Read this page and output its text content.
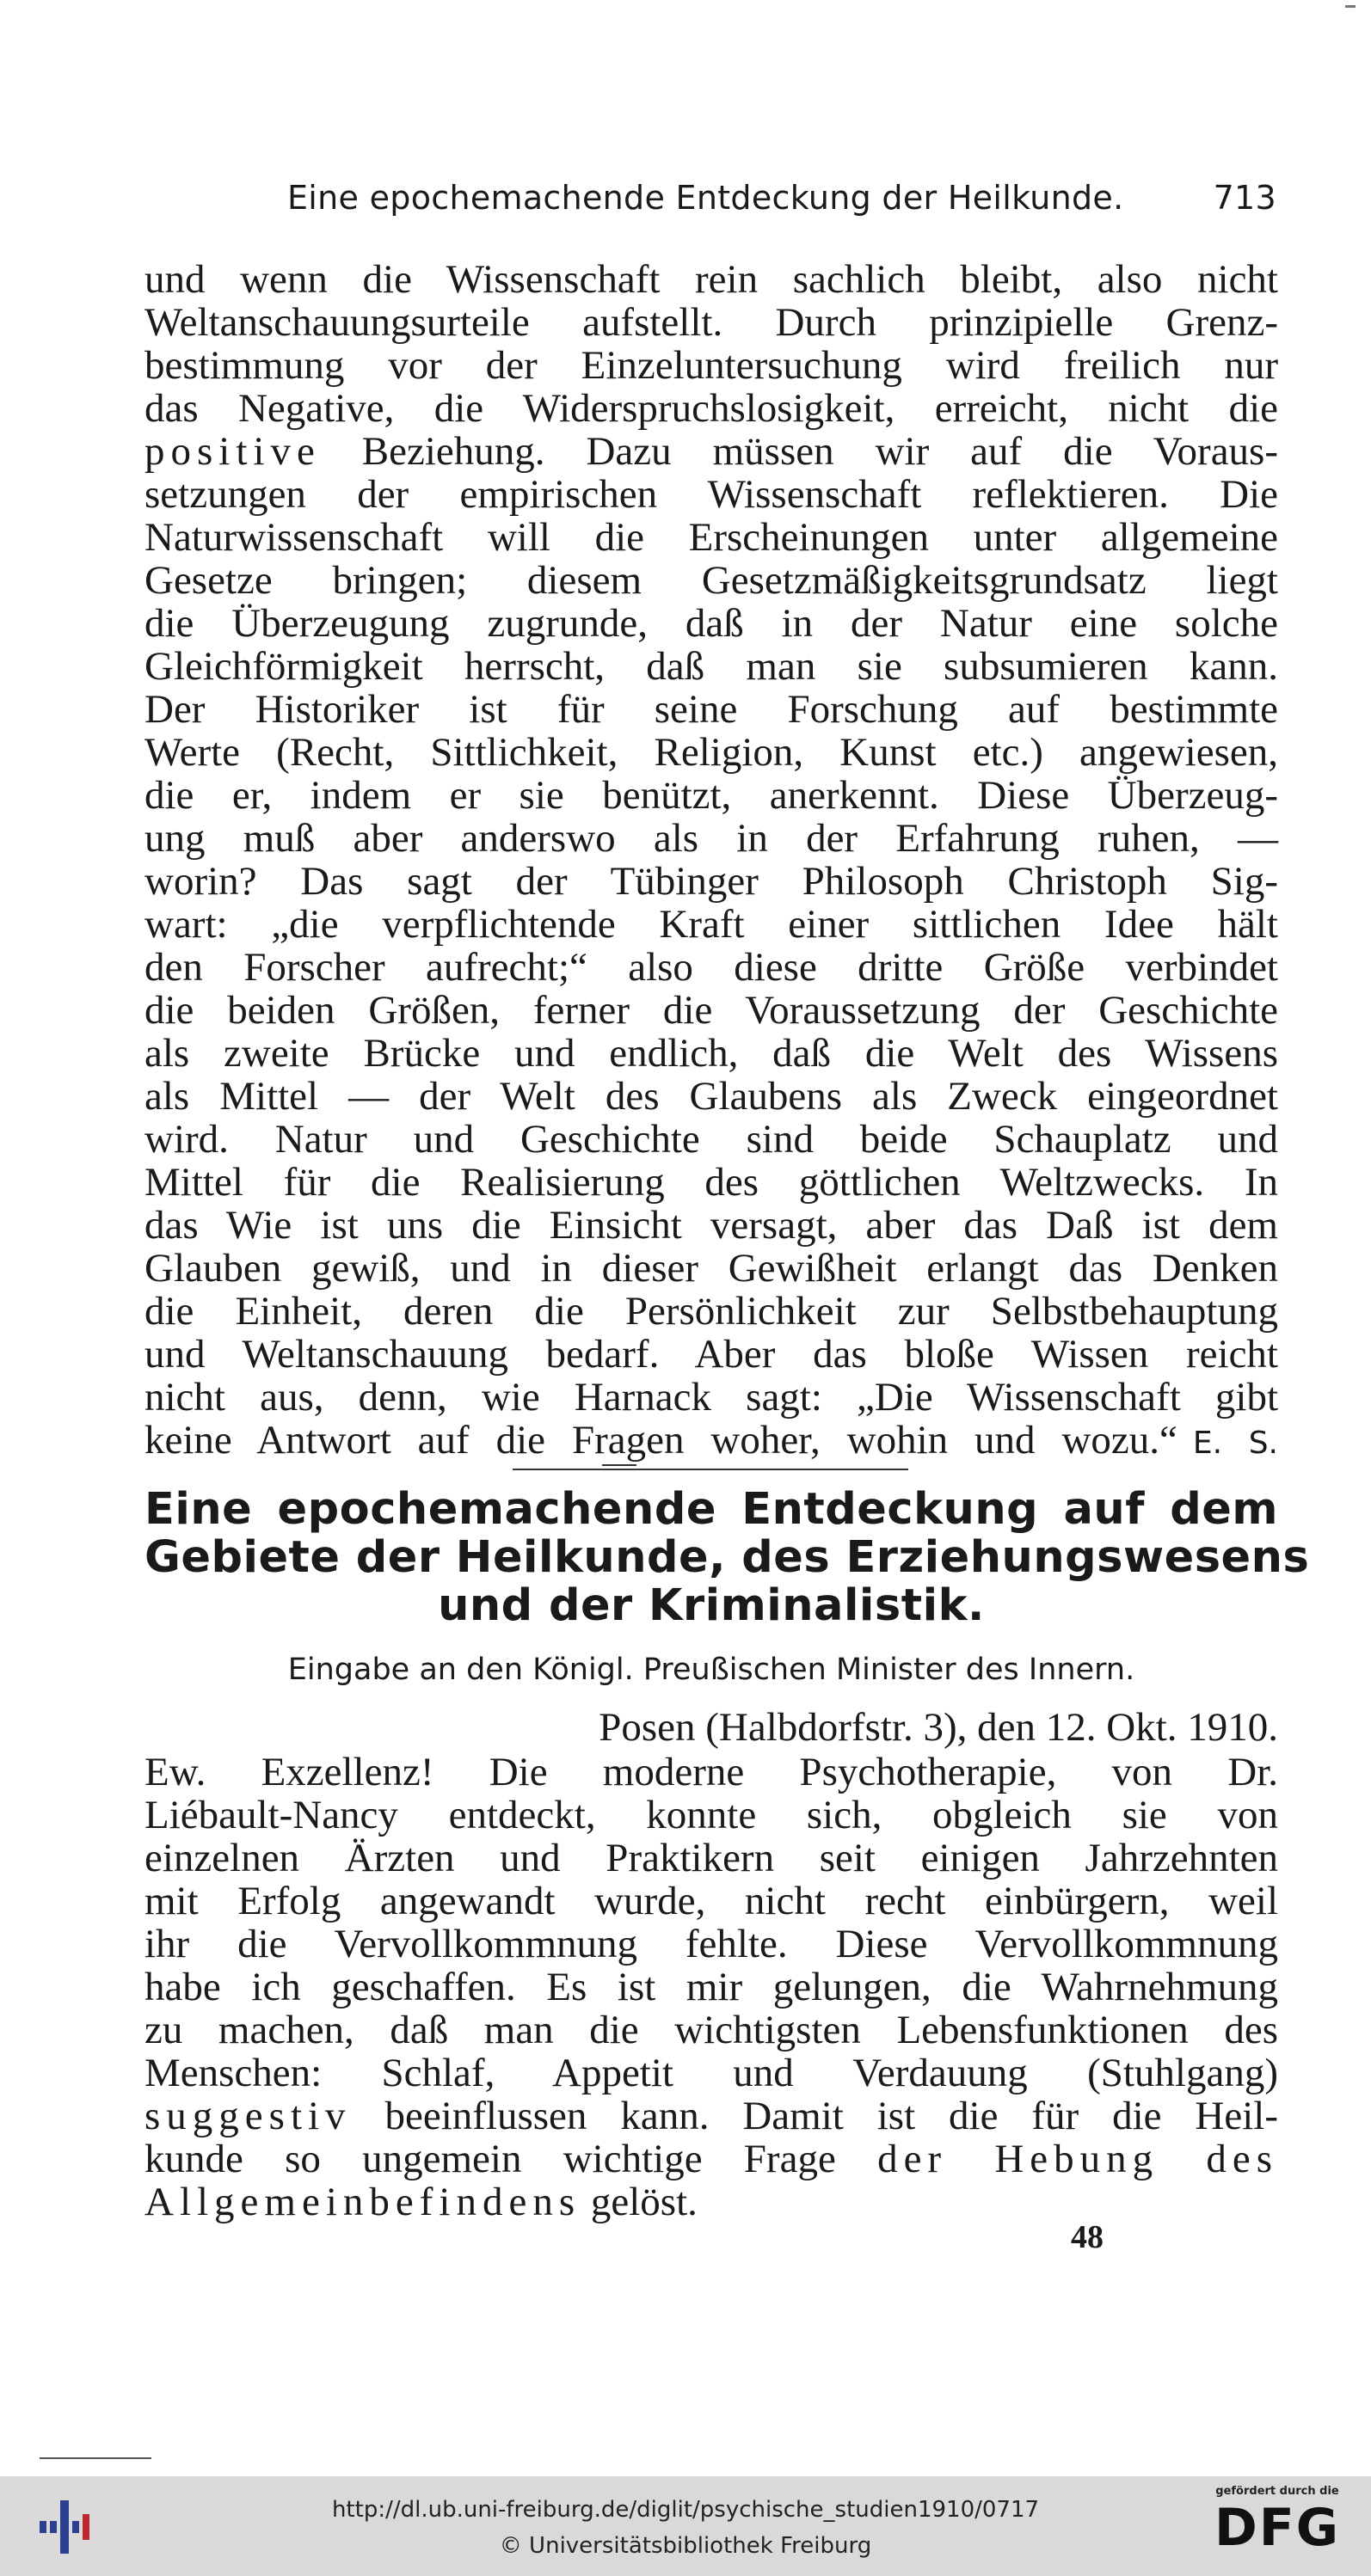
Eine epochemachende Entdeckung der Heilkunde.	713
und wenn die Wissenschaft rein sachlich bleibt, also nicht
Weltanschauungsurteile aufstellt. Durch prinzipielle Grenz-
bestimmung vor der Einzeluntersuchung wird freilich nur
das Negative, die Widerspruchslosigkeit, erreicht, nicht die
positive Beziehung. Dazu müssen wir auf die Voraus-
setzungen der empirischen Wissenschaft reflektieren. Die
Naturwissenschaft will die Erscheinungen unter allgemeine
Gesetze bringen; diesem Gesetzmäßigkeitsgrundsatz liegt
die Überzeugung zugrunde, daß in der Natur eine solche
Gleichförmigkeit herrscht, daß man sie subsumieren kann.
Der Historiker ist für seine Forschung auf bestimmte
Werte (Recht, Sittlichkeit, Religion, Kunst etc.) angewiesen,
die er, indem er sie benützt, anerkennt. Diese Überzeug-
ung muß aber anderswo als in der Erfahrung ruhen, —
worin? Das sagt der Tübinger Philosoph Christoph Sig-
wart: „die verpflichtende Kraft einer sittlichen Idee hält
den Forscher aufrecht;“ also diese dritte Größe verbindet
die beiden Größen, ferner die Voraussetzung der Geschichte
als zweite Brücke und endlich, daß die Welt des Wissens
als Mittel — der Welt des Glaubens als Zweck eingeordnet
wird. Natur und Geschichte sind beide Schauplatz und
Mittel für die Realisierung des göttlichen Weltzwecks. In
das Wie ist uns die Einsicht versagt, aber das Daß ist dem
Glauben gewiß, und in dieser Gewißheit erlangt das Denken
die Einheit, deren die Persönlichkeit zur Selbstbehauptung
und Weltanschauung bedarf. Aber das bloße Wissen reicht
nicht aus, denn, wie Harnack sagt: „Die Wissenschaft gibt
keine Antwort auf die Fragen woher, wohin und wozu.“ E. S.
Eine epochemachende Entdeckung auf dem
Gebiete der Heilkunde, des Erziehungswesens
und der Kriminalistik.
Eingabe an den Königl. Preußischen Minister des Innern.
Posen (Halbdorfstr. 3), den 12. Okt. 1910.
Ew. Exzellenz! Die moderne Psychotherapie, von Dr.
Liébault-Nancy entdeckt, konnte sich, obgleich sie von
einzelnen Ärzten und Praktikern seit einigen Jahrzehnten
mit Erfolg angewandt wurde, nicht recht einbürgern, weil
ihr die Vervollkommnung fehlte. Diese Vervollkommnung
habe ich geschaffen. Es ist mir gelungen, die Wahrnehmung
zu machen, daß man die wichtigsten Lebensfunktionen des
Menschen: Schlaf, Appetit und Verdauung (Stuhlgang)
suggestiv beeinflussen kann. Damit ist die für die Heil-
kunde so ungemein wichtige Frage der Hebung des
Allgemeinbefindens gelöst.
48
http://dl.ub.uni-freiburg.de/diglit/psychische_studien1910/0717
© Universitätsbibliothek Freiburg
gefördert durch die
DFG
